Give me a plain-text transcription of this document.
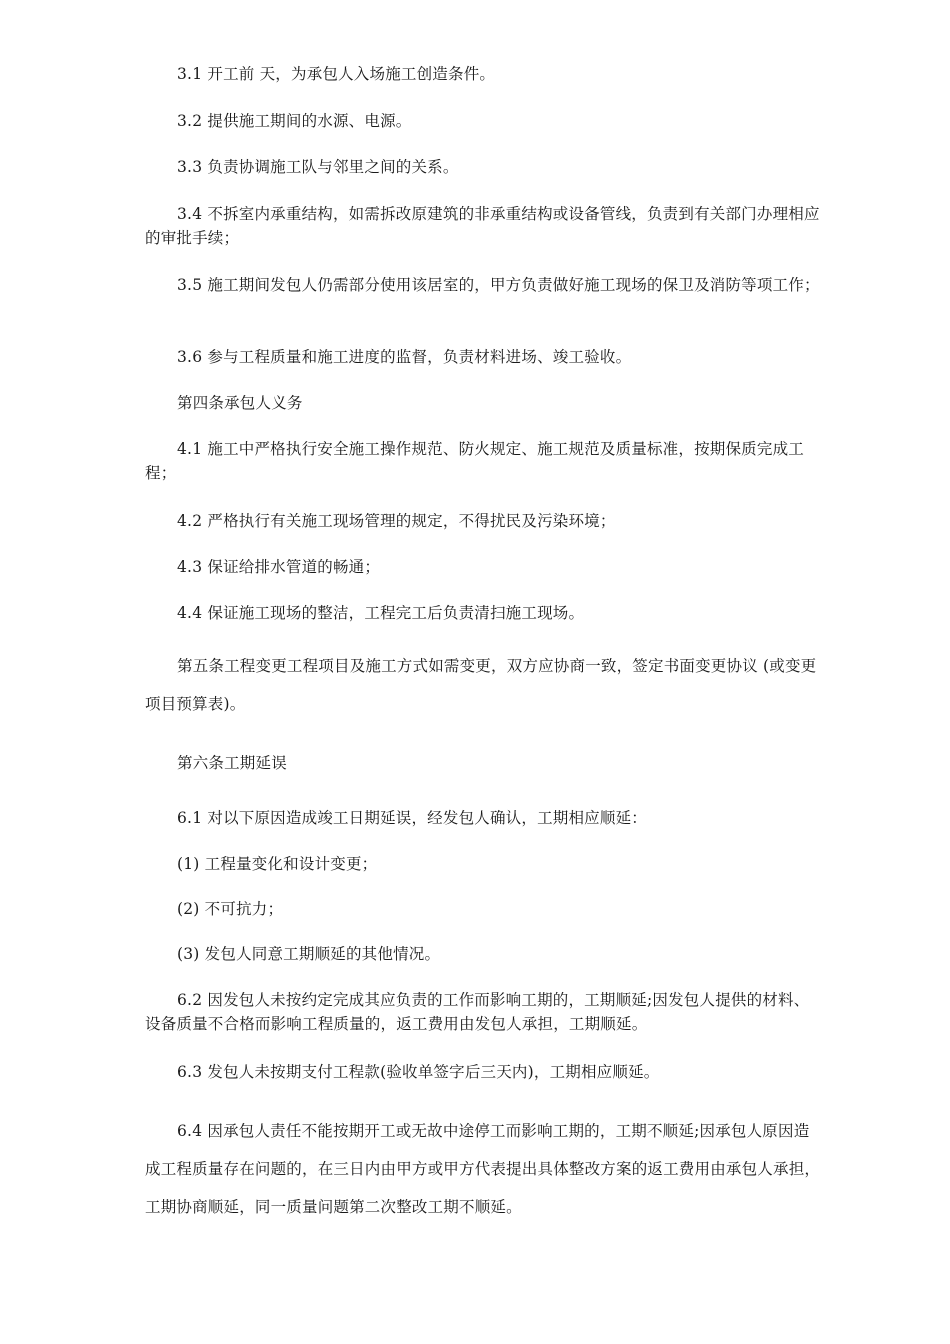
3.1 开工前 天，为承包人入场施工创造条件。

3.2 提供施工期间的水源、电源。

3.3 负责协调施工队与邻里之间的关系。

3.4 不拆室内承重结构，如需拆改原建筑的非承重结构或设备管线，负责到有关部门办理相应的审批手续；

3.5 施工期间发包人仍需部分使用该居室的，甲方负责做好施工现场的保卫及消防等项工作；

3.6 参与工程质量和施工进度的监督，负责材料进场、竣工验收。

第四条承包人义务

4.1 施工中严格执行安全施工操作规范、防火规定、施工规范及质量标准，按期保质完成工程；

4.2 严格执行有关施工现场管理的规定，不得扰民及污染环境；

4.3 保证给排水管道的畅通；

4.4 保证施工现场的整洁，工程完工后负责清扫施工现场。

第五条工程变更工程项目及施工方式如需变更，双方应协商一致，签定书面变更协议 (或变更项目预算表)。

第六条工期延误

6.1 对以下原因造成竣工日期延误，经发包人确认，工期相应顺延：

(1) 工程量变化和设计变更；

(2) 不可抗力；

(3) 发包人同意工期顺延的其他情况。

6.2 因发包人未按约定完成其应负责的工作而影响工期的，工期顺延;因发包人提供的材料、设备质量不合格而影响工程质量的，返工费用由发包人承担，工期顺延。

6.3 发包人未按期支付工程款(验收单签字后三天内)，工期相应顺延。

6.4 因承包人责任不能按期开工或无故中途停工而影响工期的，工期不顺延;因承包人原因造成工程质量存在问题的，在三日内由甲方或甲方代表提出具体整改方案的返工费用由承包人承担，工期协商顺延，同一质量问题第二次整改工期不顺延。
